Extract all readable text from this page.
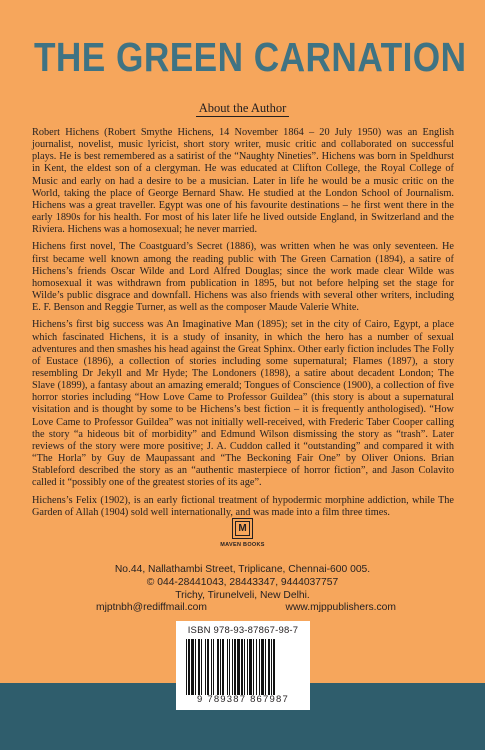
THE GREEN CARNATION
About the Author

Robert Hichens (Robert Smythe Hichens, 14 November 1864 – 20 July 1950) was an English journalist, novelist, music lyricist, short story writer, music critic and collaborated on successful plays. He is best remembered as a satirist of the “Naughty Nineties”. Hichens was born in Speldhurst in Kent, the eldest son of a clergyman. He was educated at Clifton College, the Royal College of Music and early on had a desire to be a musician. Later in life he would be a music critic on the World, taking the place of George Bernard Shaw. He studied at the London School of Journalism. Hichens was a great traveller. Egypt was one of his favourite destinations – he first went there in the early 1890s for his health. For most of his later life he lived outside England, in Switzerland and the Riviera. Hichens was a homosexual; he never married.

Hichens first novel, The Coastguard’s Secret (1886), was written when he was only seventeen. He first became well known among the reading public with The Green Carnation (1894), a satire of Hichens’s friends Oscar Wilde and Lord Alfred Douglas; since the work made clear Wilde was homosexual it was withdrawn from publication in 1895, but not before helping set the stage for Wilde’s public disgrace and downfall. Hichens was also friends with several other writers, including E. F. Benson and Reggie Turner, as well as the composer Maude Valerie White.

Hichens’s first big success was An Imaginative Man (1895); set in the city of Cairo, Egypt, a place which fascinated Hichens, it is a study of insanity, in which the hero has a number of sexual adventures and then smashes his head against the Great Sphinx. Other early fiction includes The Folly of Eustace (1896), a collection of stories including some supernatural; Flames (1897), a story resembling Dr Jekyll and Mr Hyde; The Londoners (1898), a satire about decadent London; The Slave (1899), a fantasy about an amazing emerald; Tongues of Conscience (1900), a collection of five horror stories including “How Love Came to Professor Guildea” (this story is about a supernatural visitation and is thought by some to be Hichens’s best fiction – it is frequently anthologised). “How Love Came to Professor Guildea” was not initially well-received, with Frederic Taber Cooper calling the story “a hideous bit of morbidity” and Edmund Wilson dismissing the story as “trash”. Later reviews of the story were more positive; J. A. Cuddon called it “outstanding” and compared it with “The Horla” by Guy de Maupassant and “The Beckoning Fair One” by Oliver Onions. Brian Stableford described the story as an “authentic masterpiece of horror fiction”, and Jason Colavito called it “possibly one of the greatest stories of its age”.

Hichens’s Felix (1902), is an early fictional treatment of hypodermic morphine addiction, while The Garden of Allah (1904) sold well internationally, and was made into a film three times.

M
MAVEN BOOKS
No.44, Nallathambi Street, Triplicane, Chennai-600 005.
© 044-28441043, 28443347, 9444037757
Trichy, Tirunelveli, New Delhi.
mjptnbh@rediffmail.com	www.mjppublishers.com
ISBN 978-93-87867-98-7
9 789387 867987
